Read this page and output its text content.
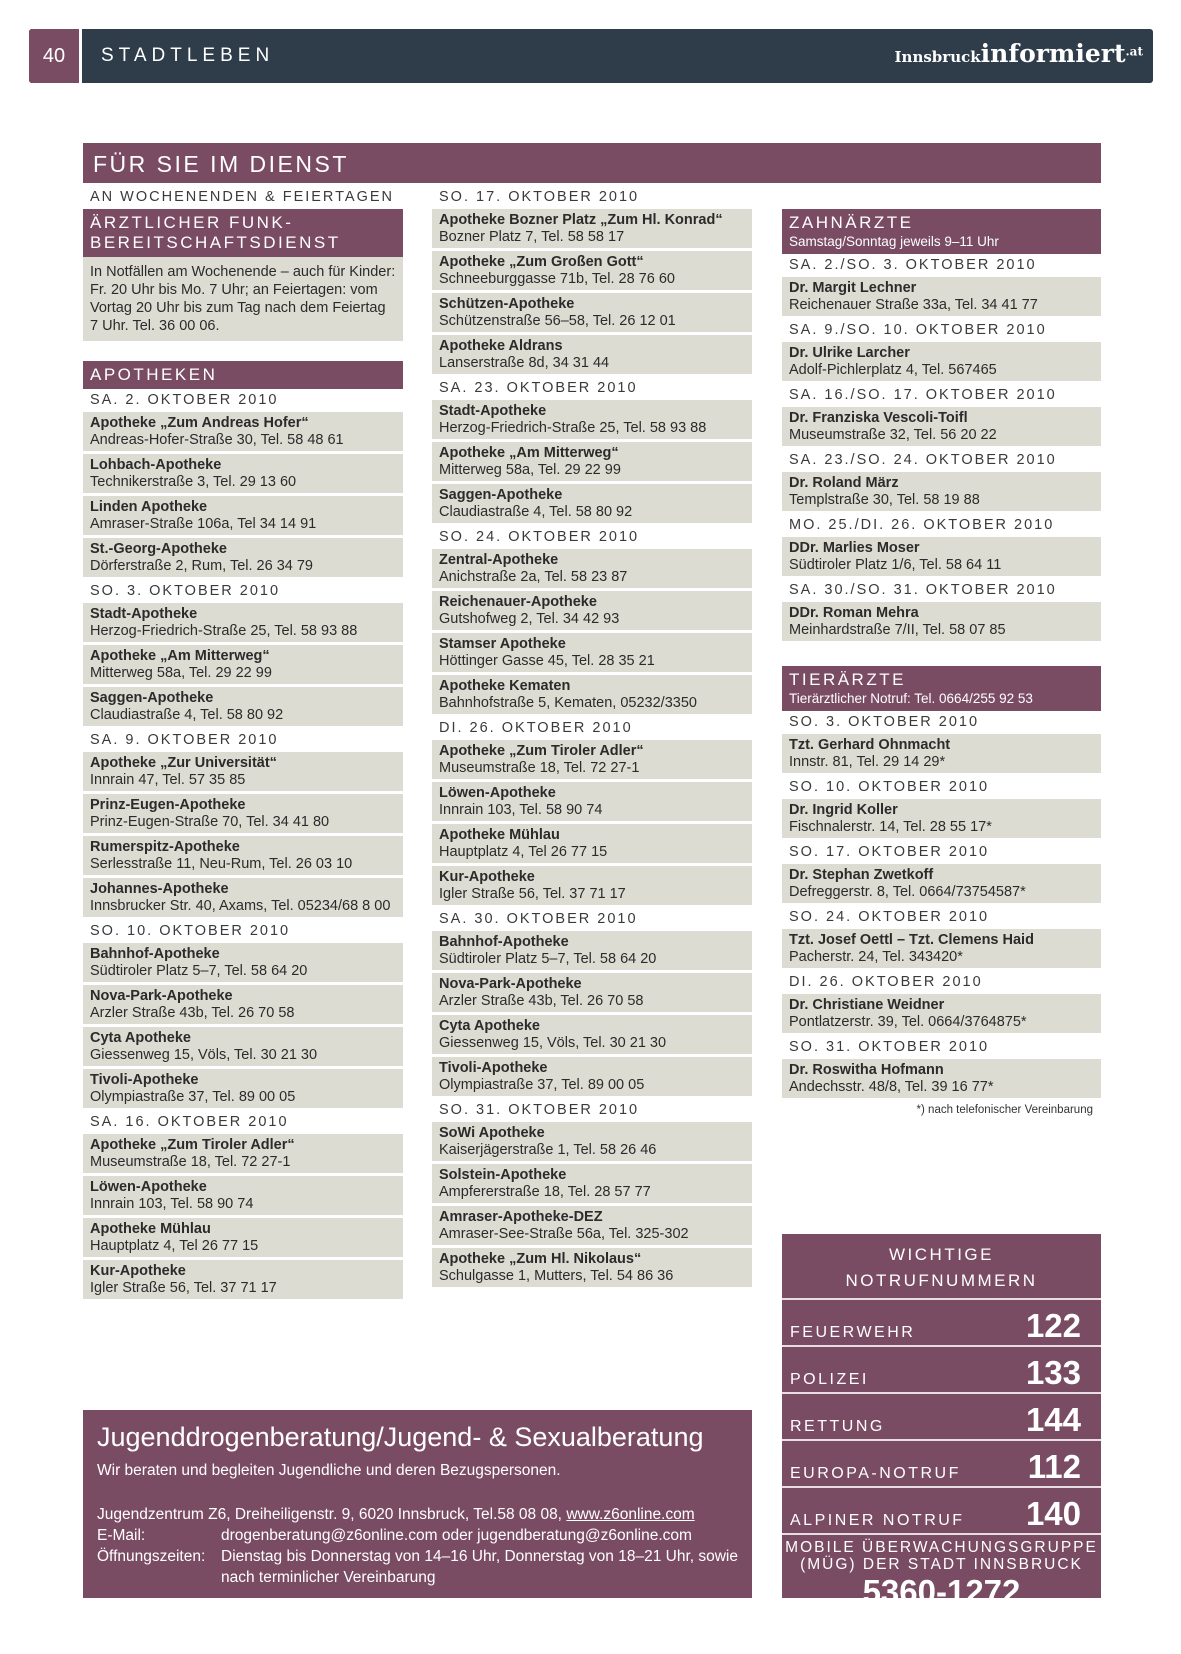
40	STADTLEBEN	Innsbruckinformiert$^{.at}$
FÜR SIE IM DIENST
AN WOCHENENDEN & FEIERTAGEN
ÄRZTLICHER FUNK-BEREITSCHAFTSDIENST
In Notfällen am Wochenende – auch für Kinder: Fr. 20 Uhr bis Mo. 7 Uhr; an Feiertagen: vom Vortag 20 Uhr bis zum Tag nach dem Feiertag 7 Uhr. Tel. 36 00 06.
APOTHEKEN
SA. 2. OKTOBER 2010
Apotheke „Zum Andreas Hofer“
Andreas-Hofer-Straße 30, Tel. 58 48 61
Lohbach-Apotheke
Technikerstraße 3, Tel. 29 13 60
Linden Apotheke
Amraser-Straße 106a, Tel 34 14 91
St.-Georg-Apotheke
Dörferstraße 2, Rum, Tel. 26 34 79
SO. 3. OKTOBER 2010
Stadt-Apotheke
Herzog-Friedrich-Straße 25, Tel. 58 93 88
Apotheke „Am Mitterweg“
Mitterweg 58a, Tel. 29 22 99
Saggen-Apotheke
Claudiastraße 4, Tel. 58 80 92
SA. 9. OKTOBER 2010
Apotheke „Zur Universität“
Innrain 47, Tel. 57 35 85
Prinz-Eugen-Apotheke
Prinz-Eugen-Straße 70, Tel. 34 41 80
Rumerspitz-Apotheke
Serlesstraße 11, Neu-Rum, Tel. 26 03 10
Johannes-Apotheke
Innsbrucker Str. 40, Axams, Tel. 05234/68 8 00
SO. 10. OKTOBER 2010
Bahnhof-Apotheke
Südtiroler Platz 5–7, Tel. 58 64 20
Nova-Park-Apotheke
Arzler Straße 43b, Tel. 26 70 58
Cyta Apotheke
Giessenweg 15, Völs, Tel. 30 21 30
Tivoli-Apotheke
Olympiastraße 37, Tel. 89 00 05
SA. 16. OKTOBER 2010
Apotheke „Zum Tiroler Adler“
Museumstraße 18, Tel. 72 27-1
Löwen-Apotheke
Innrain 103, Tel. 58 90 74
Apotheke Mühlau
Hauptplatz 4, Tel 26 77 15
Kur-Apotheke
Igler Straße 56, Tel. 37 71 17
SO. 17. OKTOBER 2010
Apotheke Bozner Platz „Zum Hl. Konrad“
Bozner Platz 7, Tel. 58 58 17
Apotheke „Zum Großen Gott“
Schneeburggasse 71b, Tel. 28 76 60
Schützen-Apotheke
Schützenstraße 56–58, Tel. 26 12 01
Apotheke Aldrans
Lanserstraße 8d, 34 31 44
SA. 23. OKTOBER 2010
Stadt-Apotheke
Herzog-Friedrich-Straße 25, Tel. 58 93 88
Apotheke „Am Mitterweg“
Mitterweg 58a, Tel. 29 22 99
Saggen-Apotheke
Claudiastraße 4, Tel. 58 80 92
SO. 24. OKTOBER 2010
Zentral-Apotheke
Anichstraße 2a, Tel. 58 23 87
Reichenauer-Apotheke
Gutshofweg 2, Tel. 34 42 93
Stamser Apotheke
Höttinger Gasse 45, Tel. 28 35 21
Apotheke Kematen
Bahnhofstraße 5, Kematen, 05232/3350
DI. 26. OKTOBER 2010
Apotheke „Zum Tiroler Adler“
Museumstraße 18, Tel. 72 27-1
Löwen-Apotheke
Innrain 103, Tel. 58 90 74
Apotheke Mühlau
Hauptplatz 4, Tel 26 77 15
Kur-Apotheke
Igler Straße 56, Tel. 37 71 17
SA. 30. OKTOBER 2010
Bahnhof-Apotheke
Südtiroler Platz 5–7, Tel. 58 64 20
Nova-Park-Apotheke
Arzler Straße 43b, Tel. 26 70 58
Cyta Apotheke
Giessenweg 15, Völs, Tel. 30 21 30
Tivoli-Apotheke
Olympiastraße 37, Tel. 89 00 05
SO. 31. OKTOBER 2010
SoWi Apotheke
Kaiserjägerstraße 1, Tel. 58 26 46
Solstein-Apotheke
Ampfererstraße 18, Tel. 28 57 77
Amraser-Apotheke-DEZ
Amraser-See-Straße 56a, Tel. 325-302
Apotheke „Zum Hl. Nikolaus“
Schulgasse 1, Mutters, Tel. 54 86 36
ZAHNÄRZTE
Samstag/Sonntag jeweils 9–11 Uhr
SA. 2./SO. 3. OKTOBER 2010
Dr. Margit Lechner
Reichenauer Straße 33a, Tel. 34 41 77
SA. 9./SO. 10. OKTOBER 2010
Dr. Ulrike Larcher
Adolf-Pichlerplatz 4, Tel. 567465
SA. 16./SO. 17. OKTOBER 2010
Dr. Franziska Vescoli-Toifl
Museumstraße 32, Tel. 56 20 22
SA. 23./SO. 24. OKTOBER 2010
Dr. Roland März
Templstraße 30, Tel. 58 19 88
MO. 25./DI. 26. OKTOBER 2010
DDr. Marlies Moser
Südtiroler Platz 1/6, Tel. 58 64 11
SA. 30./SO. 31. OKTOBER 2010
DDr. Roman Mehra
Meinhardstraße 7/II, Tel. 58 07 85
TIERÄRZTE
Tierärztlicher Notruf: Tel. 0664/255 92 53
SO. 3. OKTOBER 2010
Tzt. Gerhard Ohnmacht
Innstr. 81, Tel. 29 14 29*
SO. 10. OKTOBER 2010
Dr. Ingrid Koller
Fischnalerstr. 14, Tel. 28 55 17*
SO. 17. OKTOBER 2010
Dr. Stephan Zwetkoff
Defreggerstr. 8, Tel. 0664/73754587*
SO. 24. OKTOBER 2010
Tzt. Josef Oettl – Tzt. Clemens Haid
Pacherstr. 24, Tel. 343420*
DI. 26. OKTOBER 2010
Dr. Christiane Weidner
Pontlatzerstr. 39, Tel. 0664/3764875*
SO. 31. OKTOBER 2010
Dr. Roswitha Hofmann
Andechsstr. 48/8, Tel. 39 16 77*
*) nach telefonischer Vereinbarung
WICHTIGE
NOTRUFNUMMERN
FEUERWEHR	122
POLIZEI	133
RETTUNG	144
EUROPA-NOTRUF 112
ALPINER NOTRUF 140
MOBILE ÜBERWACHUNGSGRUPPE
(MÜG) DER STADT INNSBRUCK
5360-1272
Jugenddrogenberatung/Jugend- & Sexualberatung
Wir beraten und begleiten Jugendliche und deren Bezugspersonen.
Jugendzentrum Z6, Dreiheiligenstr. 9, 6020 Innsbruck, Tel.58 08 08, www.z6online.com
E-Mail:	drogenberatung@z6online.com oder jugendberatung@z6online.com
Öffnungszeiten:	Dienstag bis Donnerstag von 14–16 Uhr, Donnerstag von 18–21 Uhr, sowie nach terminlicher Vereinbarung
